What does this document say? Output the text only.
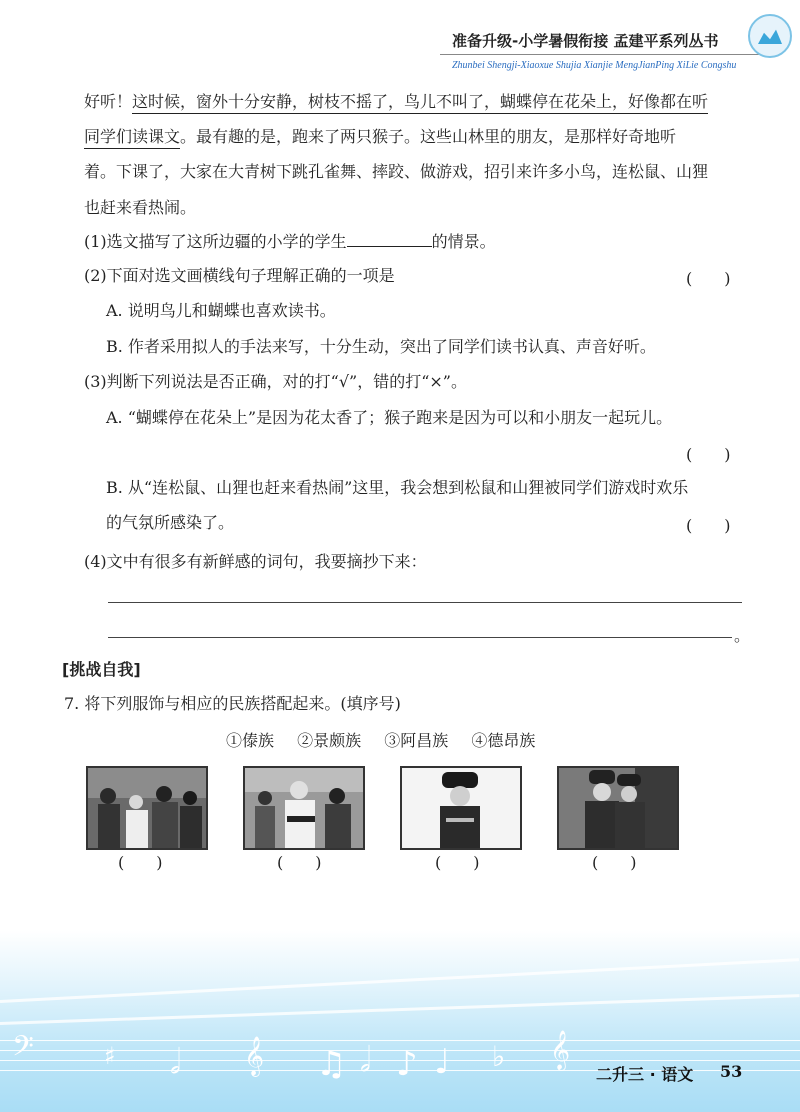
准备升级-小学暑假衔接 孟建平系列丛书
Zhunbei Shengji-Xiaoxue Shujia Xianjie MengJianPing XiLie Congshu
好听！这时候，窗外十分安静，树枝不摇了，鸟儿不叫了，蝴蝶停在花朵上，好像都在听
同学们读课文。最有趣的是，跑来了两只猴子。这些山林里的朋友，是那样好奇地听
着。下课了，大家在大青树下跳孔雀舞、摔跤、做游戏，招引来许多小鸟，连松鼠、山狸
也赶来看热闹。
(1)选文描写了这所边疆的小学的学生	的情景。
(2)下面对选文画横线句子理解正确的一项是	(　　)
A. 说明鸟儿和蝴蝶也喜欢读书。
B. 作者采用拟人的手法来写，十分生动，突出了同学们读书认真、声音好听。
(3)判断下列说法是否正确，对的打“√”，错的打“×”。
A. “蝴蝶停在花朵上”是因为花太香了；猴子跑来是因为可以和小朋友一起玩儿。
(　　)
B. 从“连松鼠、山狸也赶来看热闹”这里，我会想到松鼠和山狸被同学们游戏时欢乐
的气氛所感染了。	(　　)
(4)文中有很多有新鲜感的词句，我要摘抄下来：
。
[挑战自我]
7. 将下列服饰与相应的民族搭配起来。(填序号)
①傣族 ②景颇族 ③阿昌族 ④德昂族
(　　)	(　　)	(　　)	(　　)
𝄢	♯ 𝅗𝅥 𝄞 ♫ 𝅗𝅥 ♪ ♩ ♭ 𝄞
二升三 · 语文 53
